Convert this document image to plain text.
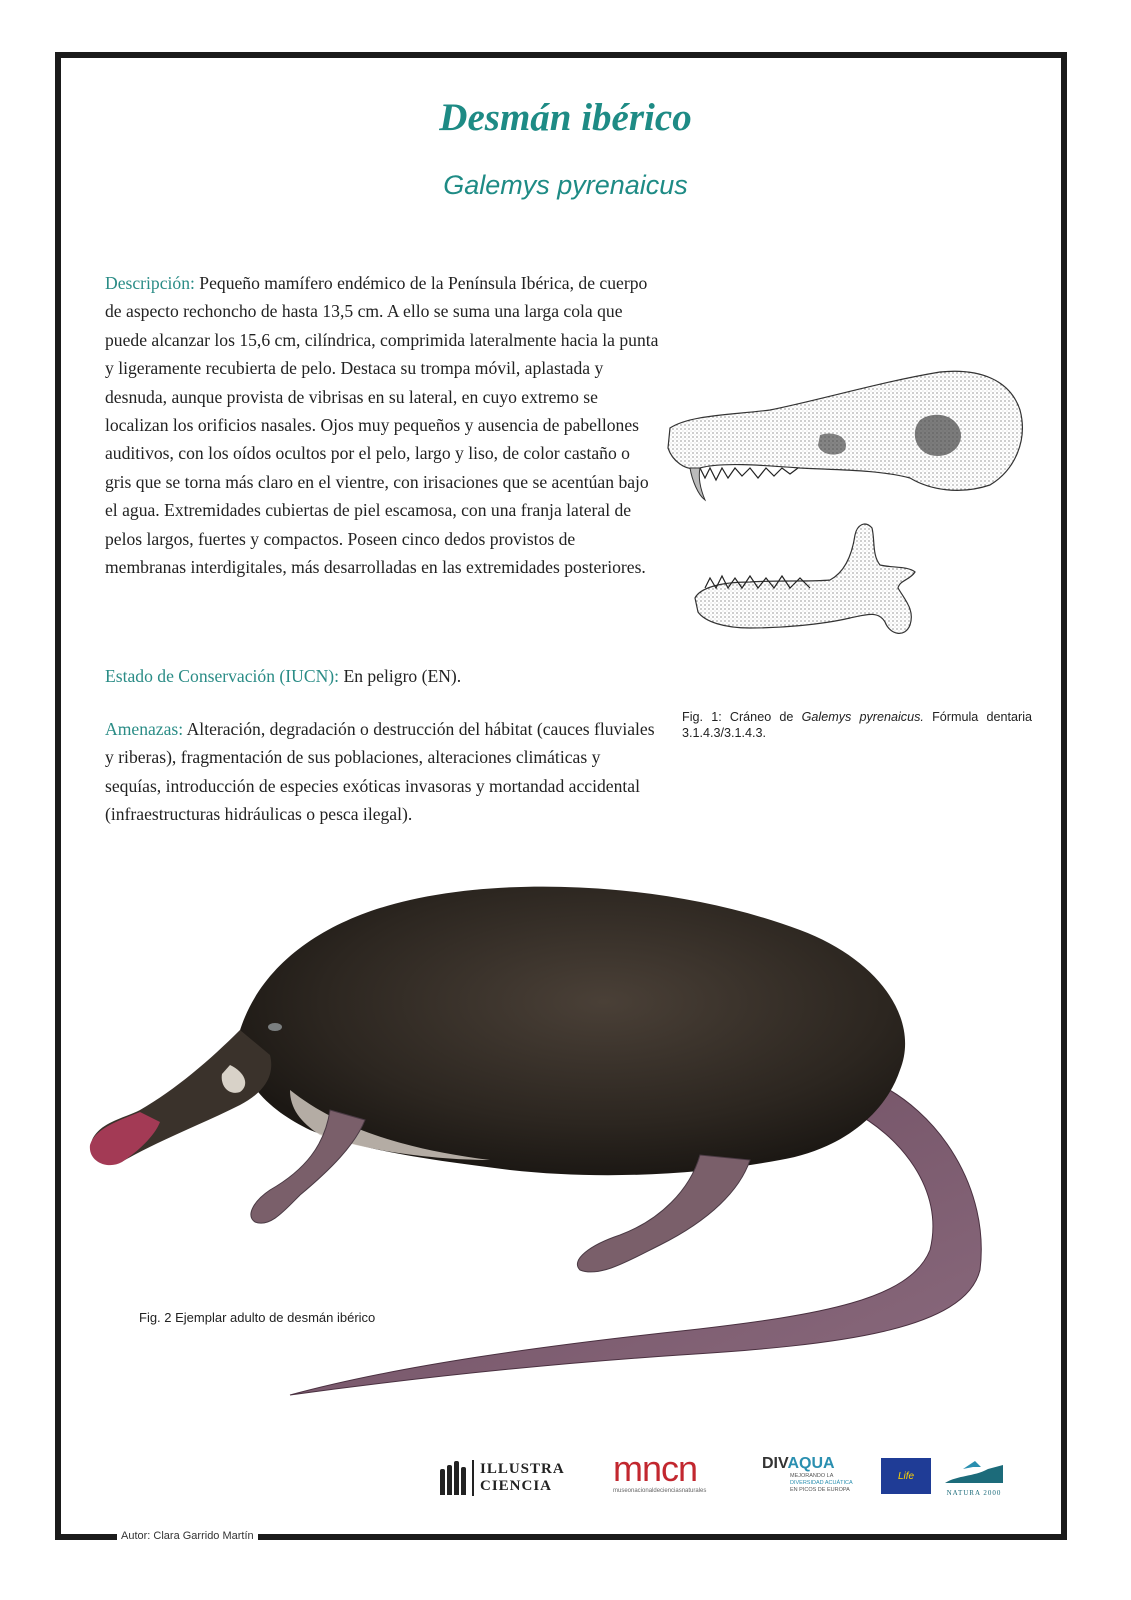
Desmán ibérico

Galemys pyrenaicus

Descripción: Pequeño mamífero endémico de la Península Ibérica, de cuerpo de aspecto rechoncho de hasta 13,5 cm. A ello se suma una larga cola que puede alcanzar los 15,6 cm, cilíndrica, comprimida lateralmente hacia la punta y ligeramente recubierta de pelo. Destaca su trompa móvil, aplastada y desnuda, aunque provista de vibrisas en su lateral, en cuyo extremo se localizan los orificios nasales. Ojos muy pequeños y ausencia de pabellones auditivos, con los oídos ocultos por el pelo, largo y liso, de color castaño o gris que se torna más claro en el vientre, con irisaciones que se acentúan bajo el agua. Extremidades cubiertas de piel escamosa, con una franja lateral de pelos largos, fuertes y compactos. Poseen cinco dedos provistos de membranas interdigitales, más desarrolladas en las extremidades posteriores.

Estado de Conservación (IUCN): En peligro (EN).

Amenazas: Alteración, degradación o destrucción del hábitat (cauces fluviales y riberas), fragmentación de sus poblaciones, alteraciones climáticas y sequías, introducción de especies exóticas invasoras y mortandad accidental (infraestructuras hidráulicas o pesca ilegal).

Fig. 1: Cráneo de Galemys pyrenaicus. Fórmula dentaria 3.1.4.3/3.1.4.3.

Fig. 2 Ejemplar adulto de desmán ibérico

ILLUSTRA
CIENCIA	mncn
museonacionaldecienciasnaturales
DIVAQUA
MEJORANDO LA
DIVERSIDAD ACUÁTICA
EN PICOS DE EUROPA
Life
NATURA 2000
Autor: Clara Garrido Martín
